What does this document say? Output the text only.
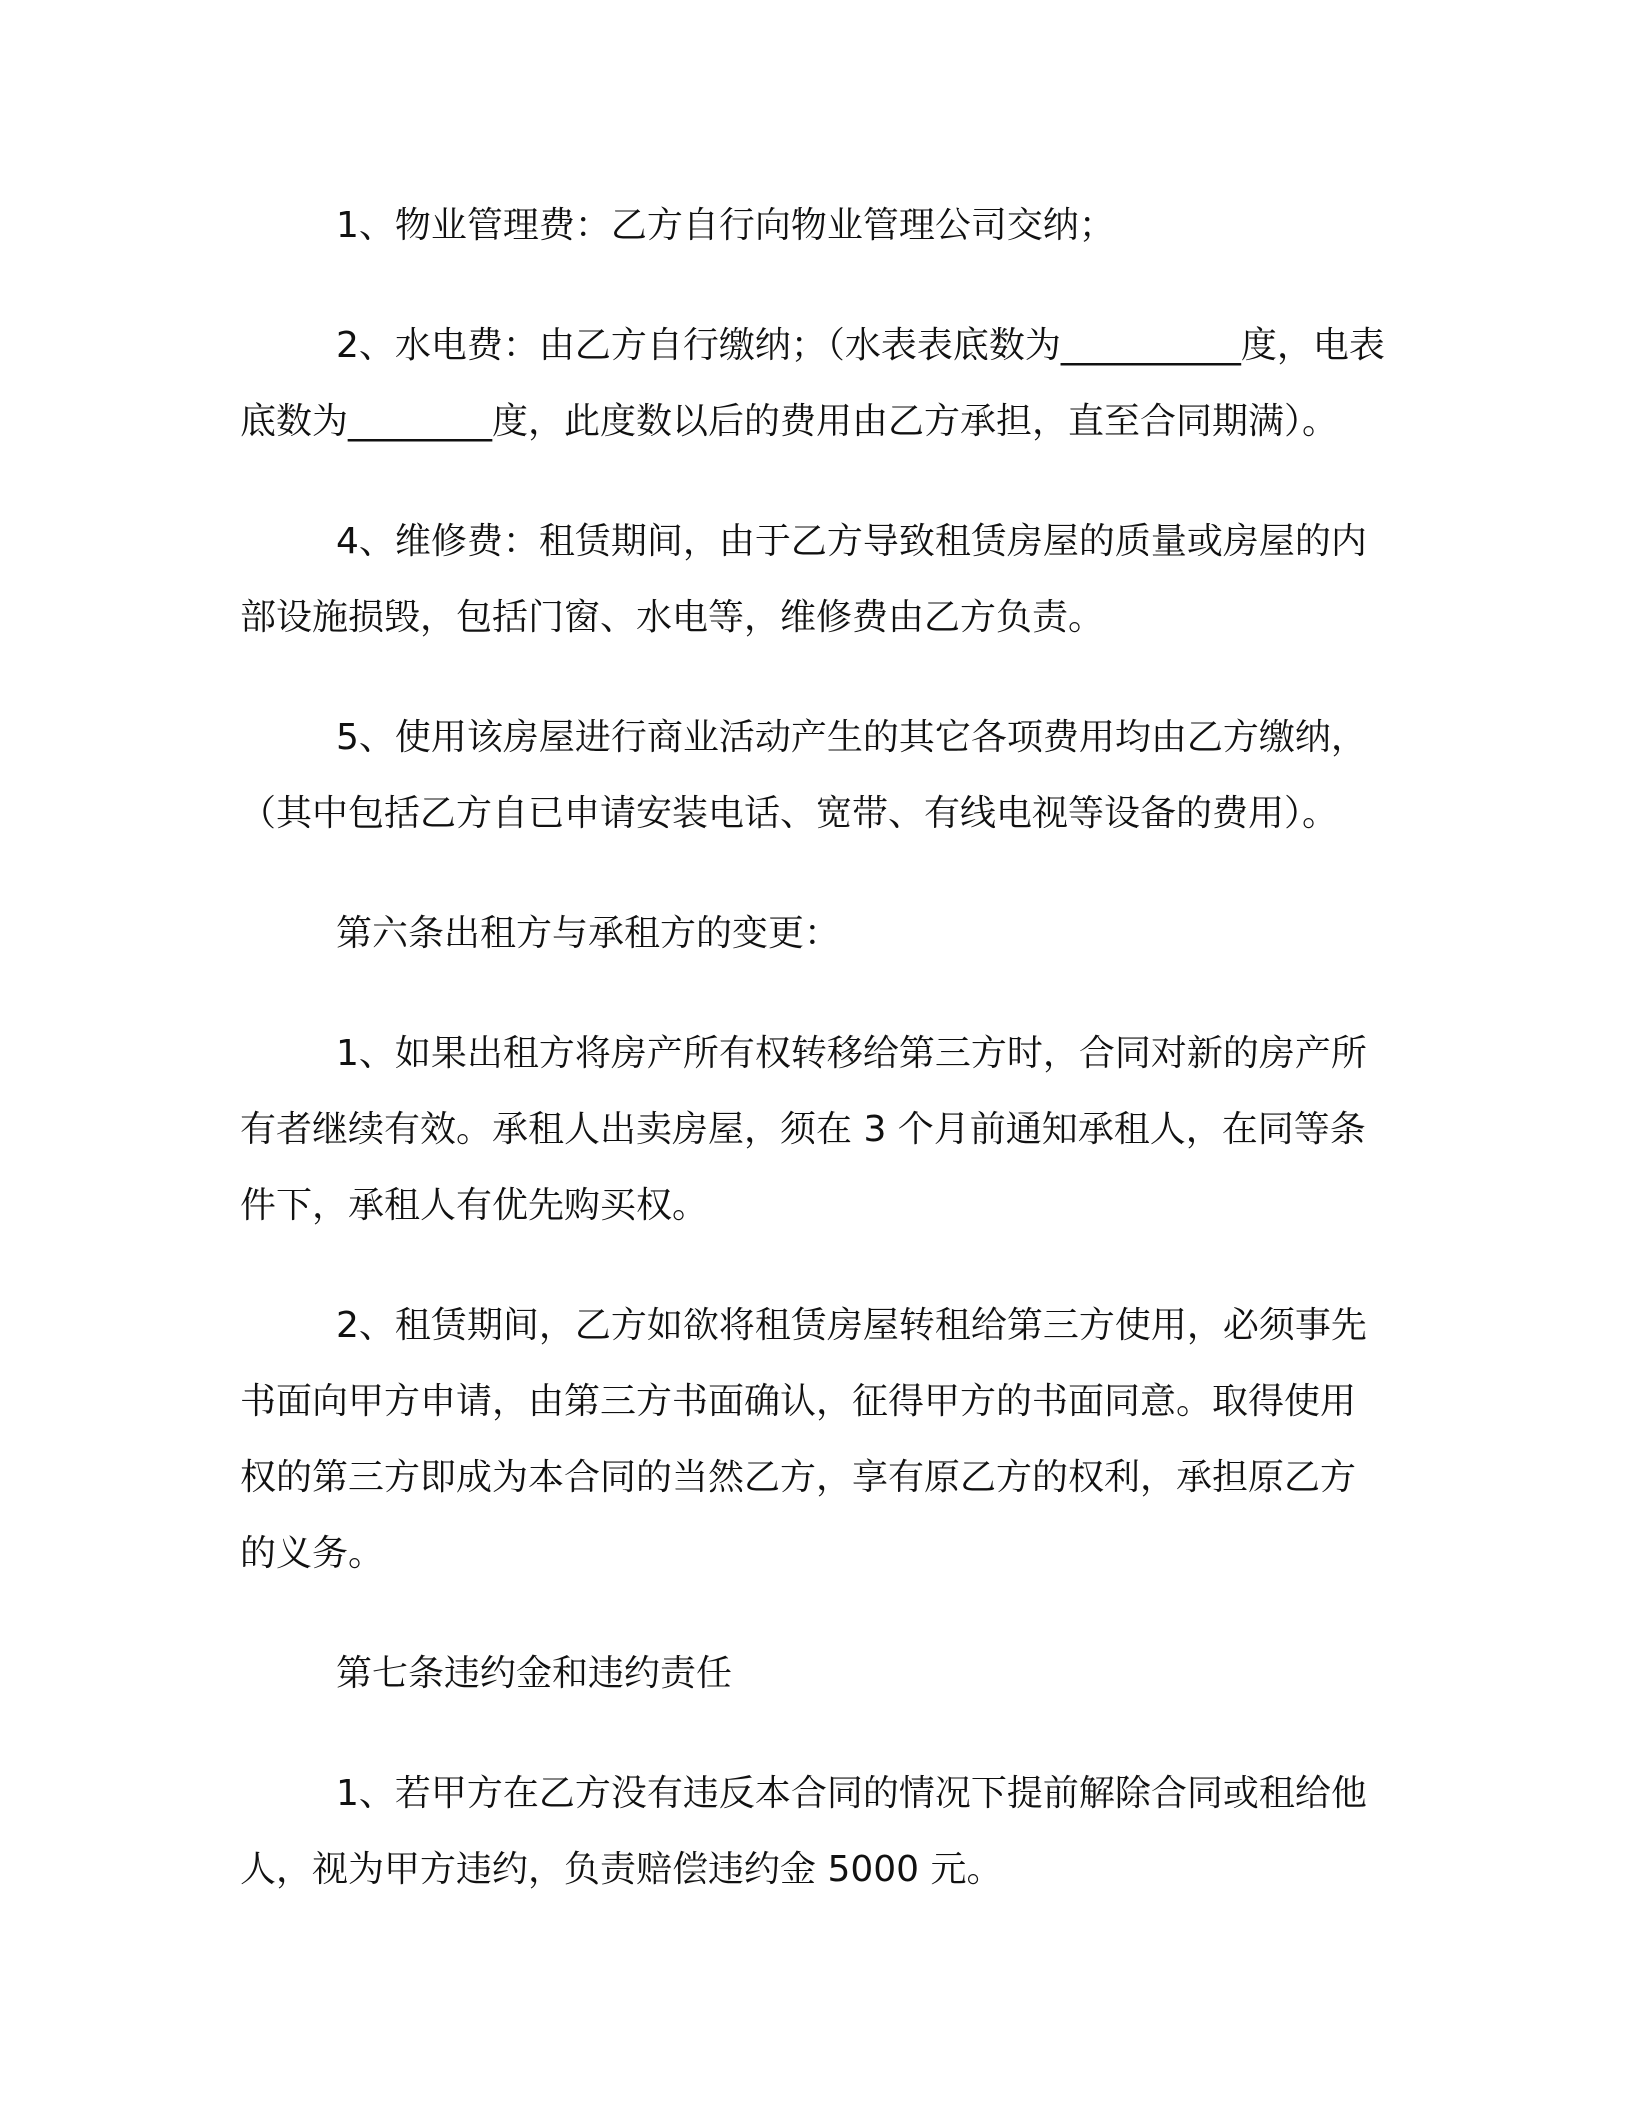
1、物业管理费：乙方自行向物业管理公司交纳；

2、水电费：由乙方自行缴纳；（水表表底数为__________度，电表底数为________度，此度数以后的费用由乙方承担，直至合同期满）。

4、维修费：租赁期间，由于乙方导致租赁房屋的质量或房屋的内部设施损毁，包括门窗、水电等，维修费由乙方负责。

5、使用该房屋进行商业活动产生的其它各项费用均由乙方缴纳，（其中包括乙方自已申请安装电话、宽带、有线电视等设备的费用）。

第六条出租方与承租方的变更：

1、如果出租方将房产所有权转移给第三方时，合同对新的房产所有者继续有效。承租人出卖房屋，须在 3 个月前通知承租人，在同等条件下，承租人有优先购买权。

2、租赁期间，乙方如欲将租赁房屋转租给第三方使用，必须事先书面向甲方申请，由第三方书面确认，征得甲方的书面同意。取得使用权的第三方即成为本合同的当然乙方，享有原乙方的权利，承担原乙方的义务。

第七条违约金和违约责任

1、若甲方在乙方没有违反本合同的情况下提前解除合同或租给他人，视为甲方违约，负责赔偿违约金 5000 元。
